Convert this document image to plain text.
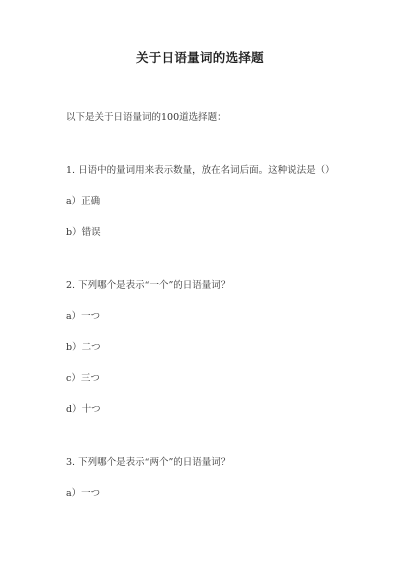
关于日语量词的选择题
以下是关于日语量词的100道选择题：
1. 日语中的量词用来表示数量，放在名词后面。这种说法是（）
a）正确
b）错误
2. 下列哪个是表示“一个”的日语量词？
a）一つ
b）二つ
c）三つ
d）十つ
3. 下列哪个是表示“两个”的日语量词？
a）一つ
